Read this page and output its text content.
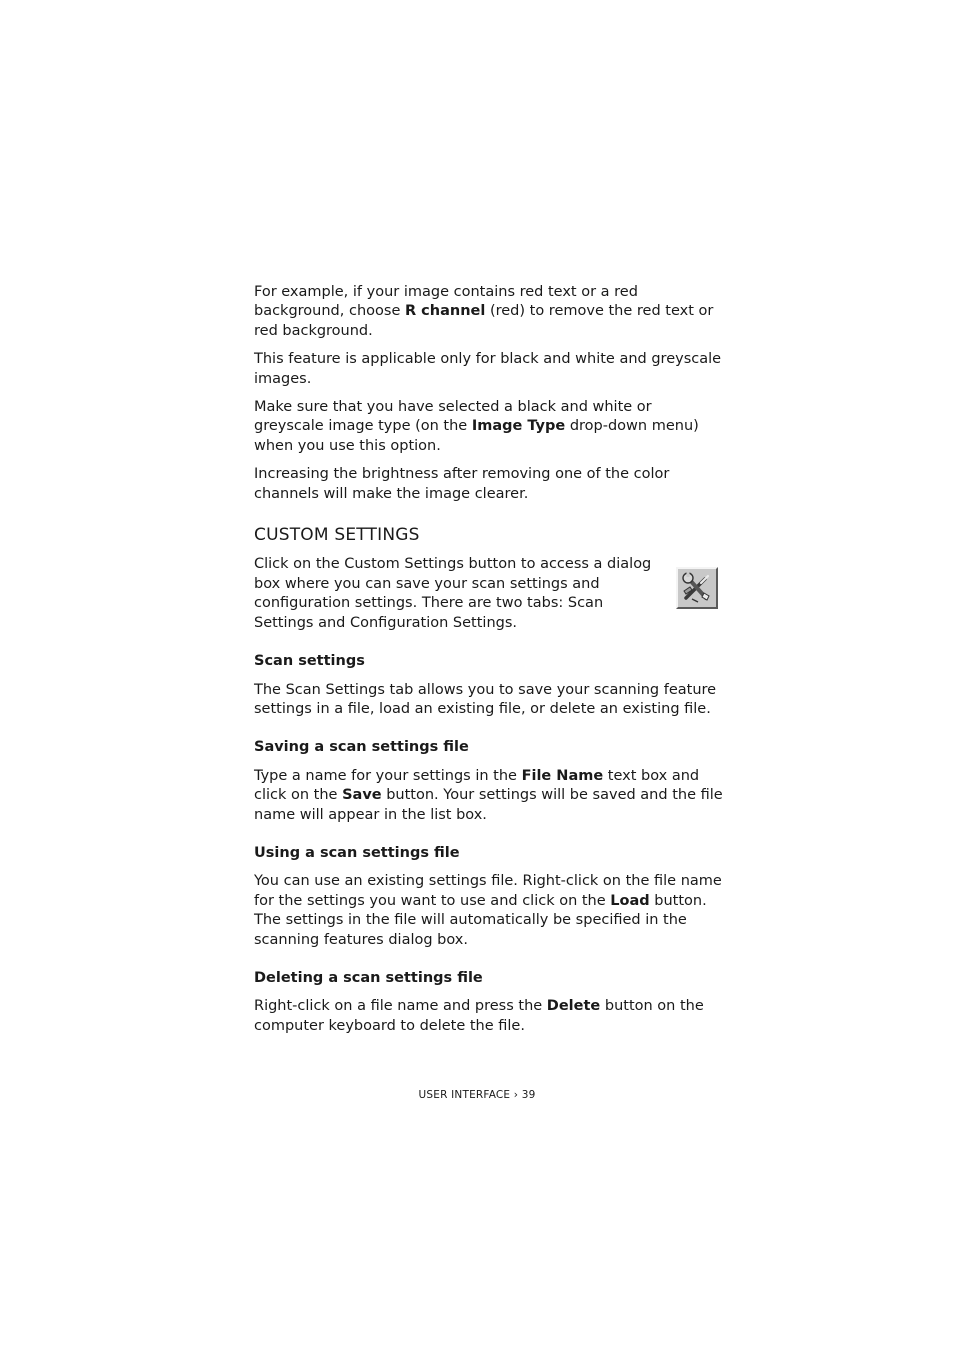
For example, if your image contains red text or a red background, choose R channel (red) to remove the red text or red background.

This feature is applicable only for black and white and greyscale images.

Make sure that you have selected a black and white or greyscale image type (on the Image Type drop-down menu) when you use this option.

Increasing the brightness after removing one of the color channels will make the image clearer.

CUSTOM SETTINGS

Click on the Custom Settings button to access a dialog box where you can save your scan settings and configuration settings. There are two tabs: Scan Settings and Configuration Settings.

Scan settings

The Scan Settings tab allows you to save your scanning feature settings in a file, load an existing file, or delete an existing file.

Saving a scan settings file

Type a name for your settings in the File Name text box and click on the Save button. Your settings will be saved and the file name will appear in the list box.

Using a scan settings file

You can use an existing settings file. Right-click on the file name for the settings you want to use and click on the Load button. The settings in the file will automatically be specified in the scanning features dialog box.

Deleting a scan settings file

Right-click on a file name and press the Delete button on the computer keyboard to delete the file.

USER INTERFACE › 39
